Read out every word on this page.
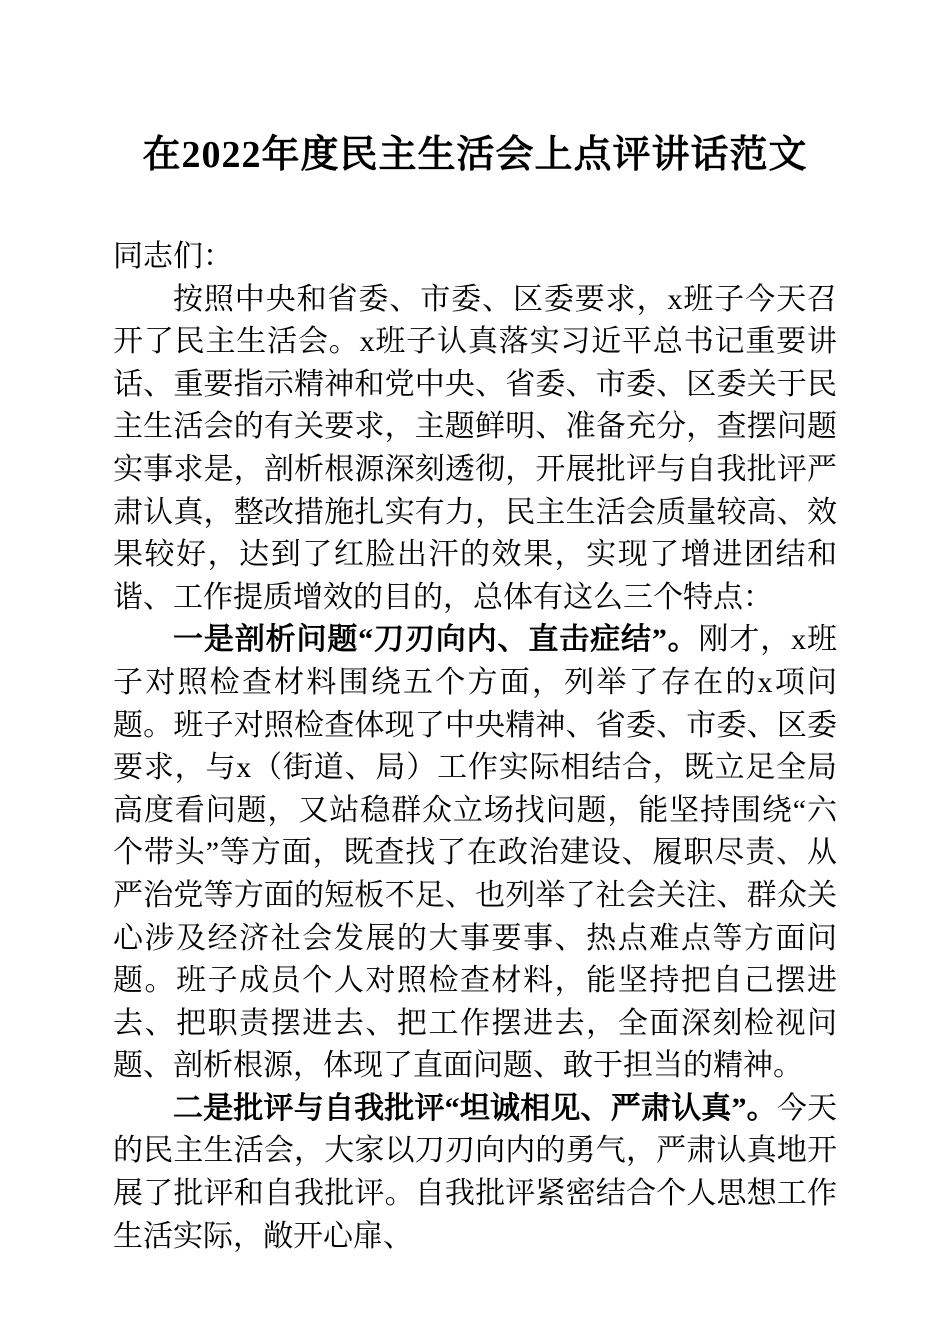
在2022年度民主生活会上点评讲话范文

同志们：

按照中央和省委、市委、区委要求，x班子今天召开了民主生活会。x班子认真落实习近平总书记重要讲话、重要指示精神和党中央、省委、市委、区委关于民主生活会的有关要求，主题鲜明、准备充分，查摆问题实事求是，剖析根源深刻透彻，开展批评与自我批评严肃认真，整改措施扎实有力，民主生活会质量较高、效果较好，达到了红脸出汗的效果，实现了增进团结和谐、工作提质增效的目的，总体有这么三个特点：

一是剖析问题“刀刃向内、直击症结”。刚才，x班子对照检查材料围绕五个方面，列举了存在的x项问题。班子对照检查体现了中央精神、省委、市委、区委要求，与x（街道、局）工作实际相结合，既立足全局高度看问题，又站稳群众立场找问题，能坚持围绕“六个带头”等方面，既查找了在政治建设、履职尽责、从严治党等方面的短板不足、也列举了社会关注、群众关心涉及经济社会发展的大事要事、热点难点等方面问题。班子成员个人对照检查材料，能坚持把自己摆进去、把职责摆进去、把工作摆进去，全面深刻检视问题、剖析根源，体现了直面问题、敢于担当的精神。

二是批评与自我批评“坦诚相见、严肃认真”。今天的民主生活会，大家以刀刃向内的勇气，严肃认真地开展了批评和自我批评。自我批评紧密结合个人思想工作生活实际，敞开心扉、
